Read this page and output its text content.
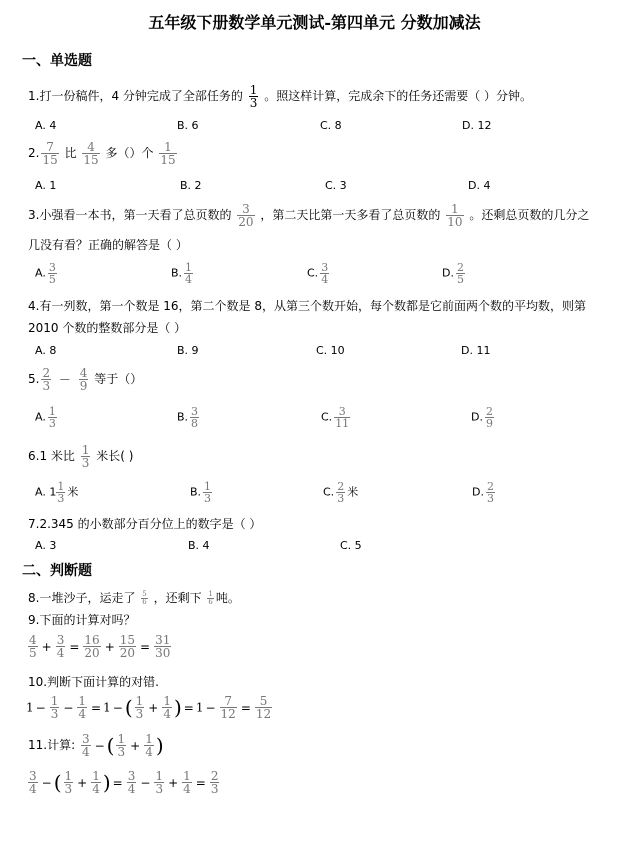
五年级下册数学单元测试-第四单元 分数加减法
一、单选题
1.打一份稿件，4 分钟完成了全部任务的 $\frac{1}{3}$ 。照这样计算，完成余下的任务还需要（ ）分钟。
A. 4	B. 6	C. 8	D. 12
2. $\frac{7}{15}$ 比 $\frac{4}{15}$ 多（）个 $\frac{1}{15}$
A. 1	B. 2	C. 3	D. 4
3.小强看一本书，第一天看了总页数的 $\frac{3}{20}$ ，第二天比第一天多看了总页数的 $\frac{1}{10}$ 。还剩总页数的几分之
几没有看？正确的解答是（ ）
A. $\frac{3}{5}$	B. $\frac{1}{4}$	C. $\frac{3}{4}$	D. $\frac{2}{5}$
4.有一列数，第一个数是 16，第二个数是 8，从第三个数开始，每个数都是它前面两个数的平均数，则第
2010 个数的整数部分是（ ）
A. 8	B. 9	C. 10	D. 11
5. $\frac{2}{3} - \frac{4}{9}$ 等于（）
A. $\frac{1}{3}$	B. $\frac{3}{8}$	C. $\frac{3}{11}$	D. $\frac{2}{9}$
6.1 米比 $\frac{1}{3}$ 米长( )
A. $1 \frac{1}{3}$ 米	B. $\frac{1}{3}$	C. $\frac{2}{3}$ 米	D. $\frac{2}{3}$
7.2.345 的小数部分百分位上的数字是（ ）
A. 3	B. 4	C. 5
二、判断题
8.一堆沙子，运走了 $\frac{5}{6}$ ，还剩下 $\frac{1}{6}$ 吨。
9.下面的计算对吗？
$\frac{4}{5} + \frac{3}{4} = \frac{16}{20} + \frac{15}{20} = \frac{31}{30}$
10.判断下面计算的对错.
$1 - \frac{1}{3} - \frac{1}{4} = 1$ − ( $\frac{1}{3} + \frac{1}{4}$ ) = $1 - \frac{7}{12} = \frac{5}{12}$
11.计算: $\frac{3}{4}$ − ( $\frac{1}{3} + \frac{1}{4}$ )
$\frac{3}{4}$ − ( $\frac{1}{3} + \frac{1}{4}$ ) = $\frac{3}{4} - \frac{1}{3} + \frac{1}{4} = \frac{2}{3}$
